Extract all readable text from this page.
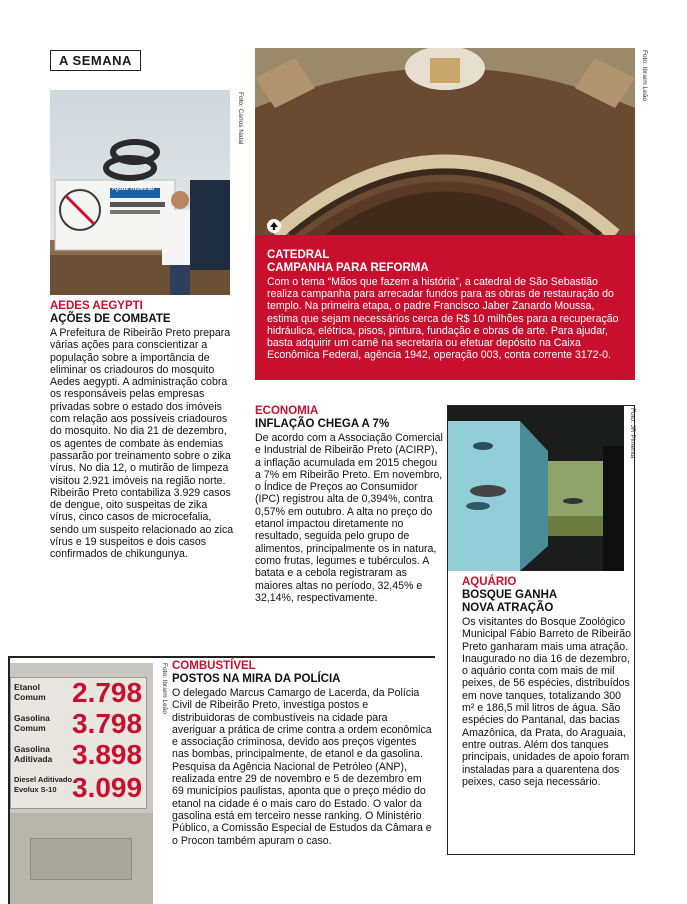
A SEMANA
Ajude Ribeirão
Foto: Carlos Natal
AEDES AEGYPTI
AÇÕES DE COMBATE
A Prefeitura de Ribeirão Preto prepara várias ações para conscientizar a população sobre a importância de eliminar os criadouros do mosquito Aedes aegypti. A administração cobra os responsáveis pelas empresas privadas sobre o estado dos imóveis com relação aos possíveis criadouros do mosquito. No dia 21 de dezembro, os agentes de combate às endemias passarão por treinamento sobre o zika vírus. No dia 12, o mutirão de limpeza visitou 2.921 imóveis na região norte. Ribeirão Preto contabiliza 3.929 casos de dengue, oito suspeitas de zika vírus, cinco casos de microcefalia, sendo um suspeito relacionado ao zica vírus e 19 suspeitos e dois casos confirmados de chikungunya.
Foto: Ibraim Leão
CATEDRAL
CAMPANHA PARA REFORMA
Com o tema “Mãos que fazem a história”, a catedral de São Sebastião realiza campanha para arrecadar fundos para as obras de restauração do templo. Na primeira etapa, o padre Francisco Jaber Zanardo Moussa, estima que sejam necessários cerca de R$ 10 milhões para a recuperação hidráulica, elétrica, pisos, pintura, fundação e obras de arte. Para ajudar, basta adquirir um carnê na secretaria ou efetuar depósito na Caixa Econômica Federal, agência 1942, operação 003, conta corrente 3172-0.
ECONOMIA
INFLAÇÃO CHEGA A 7%
De acordo com a Associação Comercial e Industrial de Ribeirão Preto (ACIRP), a inflação acumulada em 2015 chegou a 7% em Ribeirão Preto. Em novembro, o Índice de Preços ao Consumidor (IPC) registrou alta de 0,394%, contra 0,57% em outubro. A alta no preço do etanol impactou diretamente no resultado, seguida pelo grupo de alimentos, principalmente os in natura, como frutas, legumes e tubérculos. A batata e a cebola registraram as maiores altas no período, 32,45% e 32,14%, respectivamente.
Foto: JR Pimenta
AQUÁRIO
BOSQUE GANHA NOVA ATRAÇÃO
Os visitantes do Bosque Zoológico Municipal Fábio Barreto de Ribeirão Preto ganharam mais uma atração. Inaugurado no dia 16 de dezembro, o aquário conta com mais de mil peixes, de 56 espécies, distribuídos em nove tanques, totalizando 300 m² e 186,5 mil litros de água. São espécies do Pantanal, das bacias Amazônica, da Prata, do Araguaia, entre outras. Além dos tanques principais, unidades de apoio foram instaladas para a quarentena dos peixes, caso seja necessário.
Etanol
Comum 2.798
Gasolina
Comum 3.798
Gasolina
Aditivada 3.898
Diesel Aditivado
Evolux S-10 3.099
Foto: Ibraim Leão COMBUSTÍVEL
POSTOS NA MIRA DA POLÍCIA
O delegado Marcus Camargo de Lacerda, da Polícia Civil de Ribeirão Preto, investiga postos e distribuidoras de combustíveis na cidade para averiguar a prática de crime contra a ordem econômica e associação criminosa, devido aos preços vigentes nas bombas, principalmente, de etanol e da gasolina. Pesquisa da Agência Nacional de Petróleo (ANP), realizada entre 29 de novembro e 5 de dezembro em 69 municípios paulistas, aponta que o preço médio do etanol na cidade é o mais caro do Estado. O valor da gasolina está em terceiro nesse ranking. O Ministério Público, a Comissão Especial de Estudos da Câmara e o Procon também apuram o caso.
